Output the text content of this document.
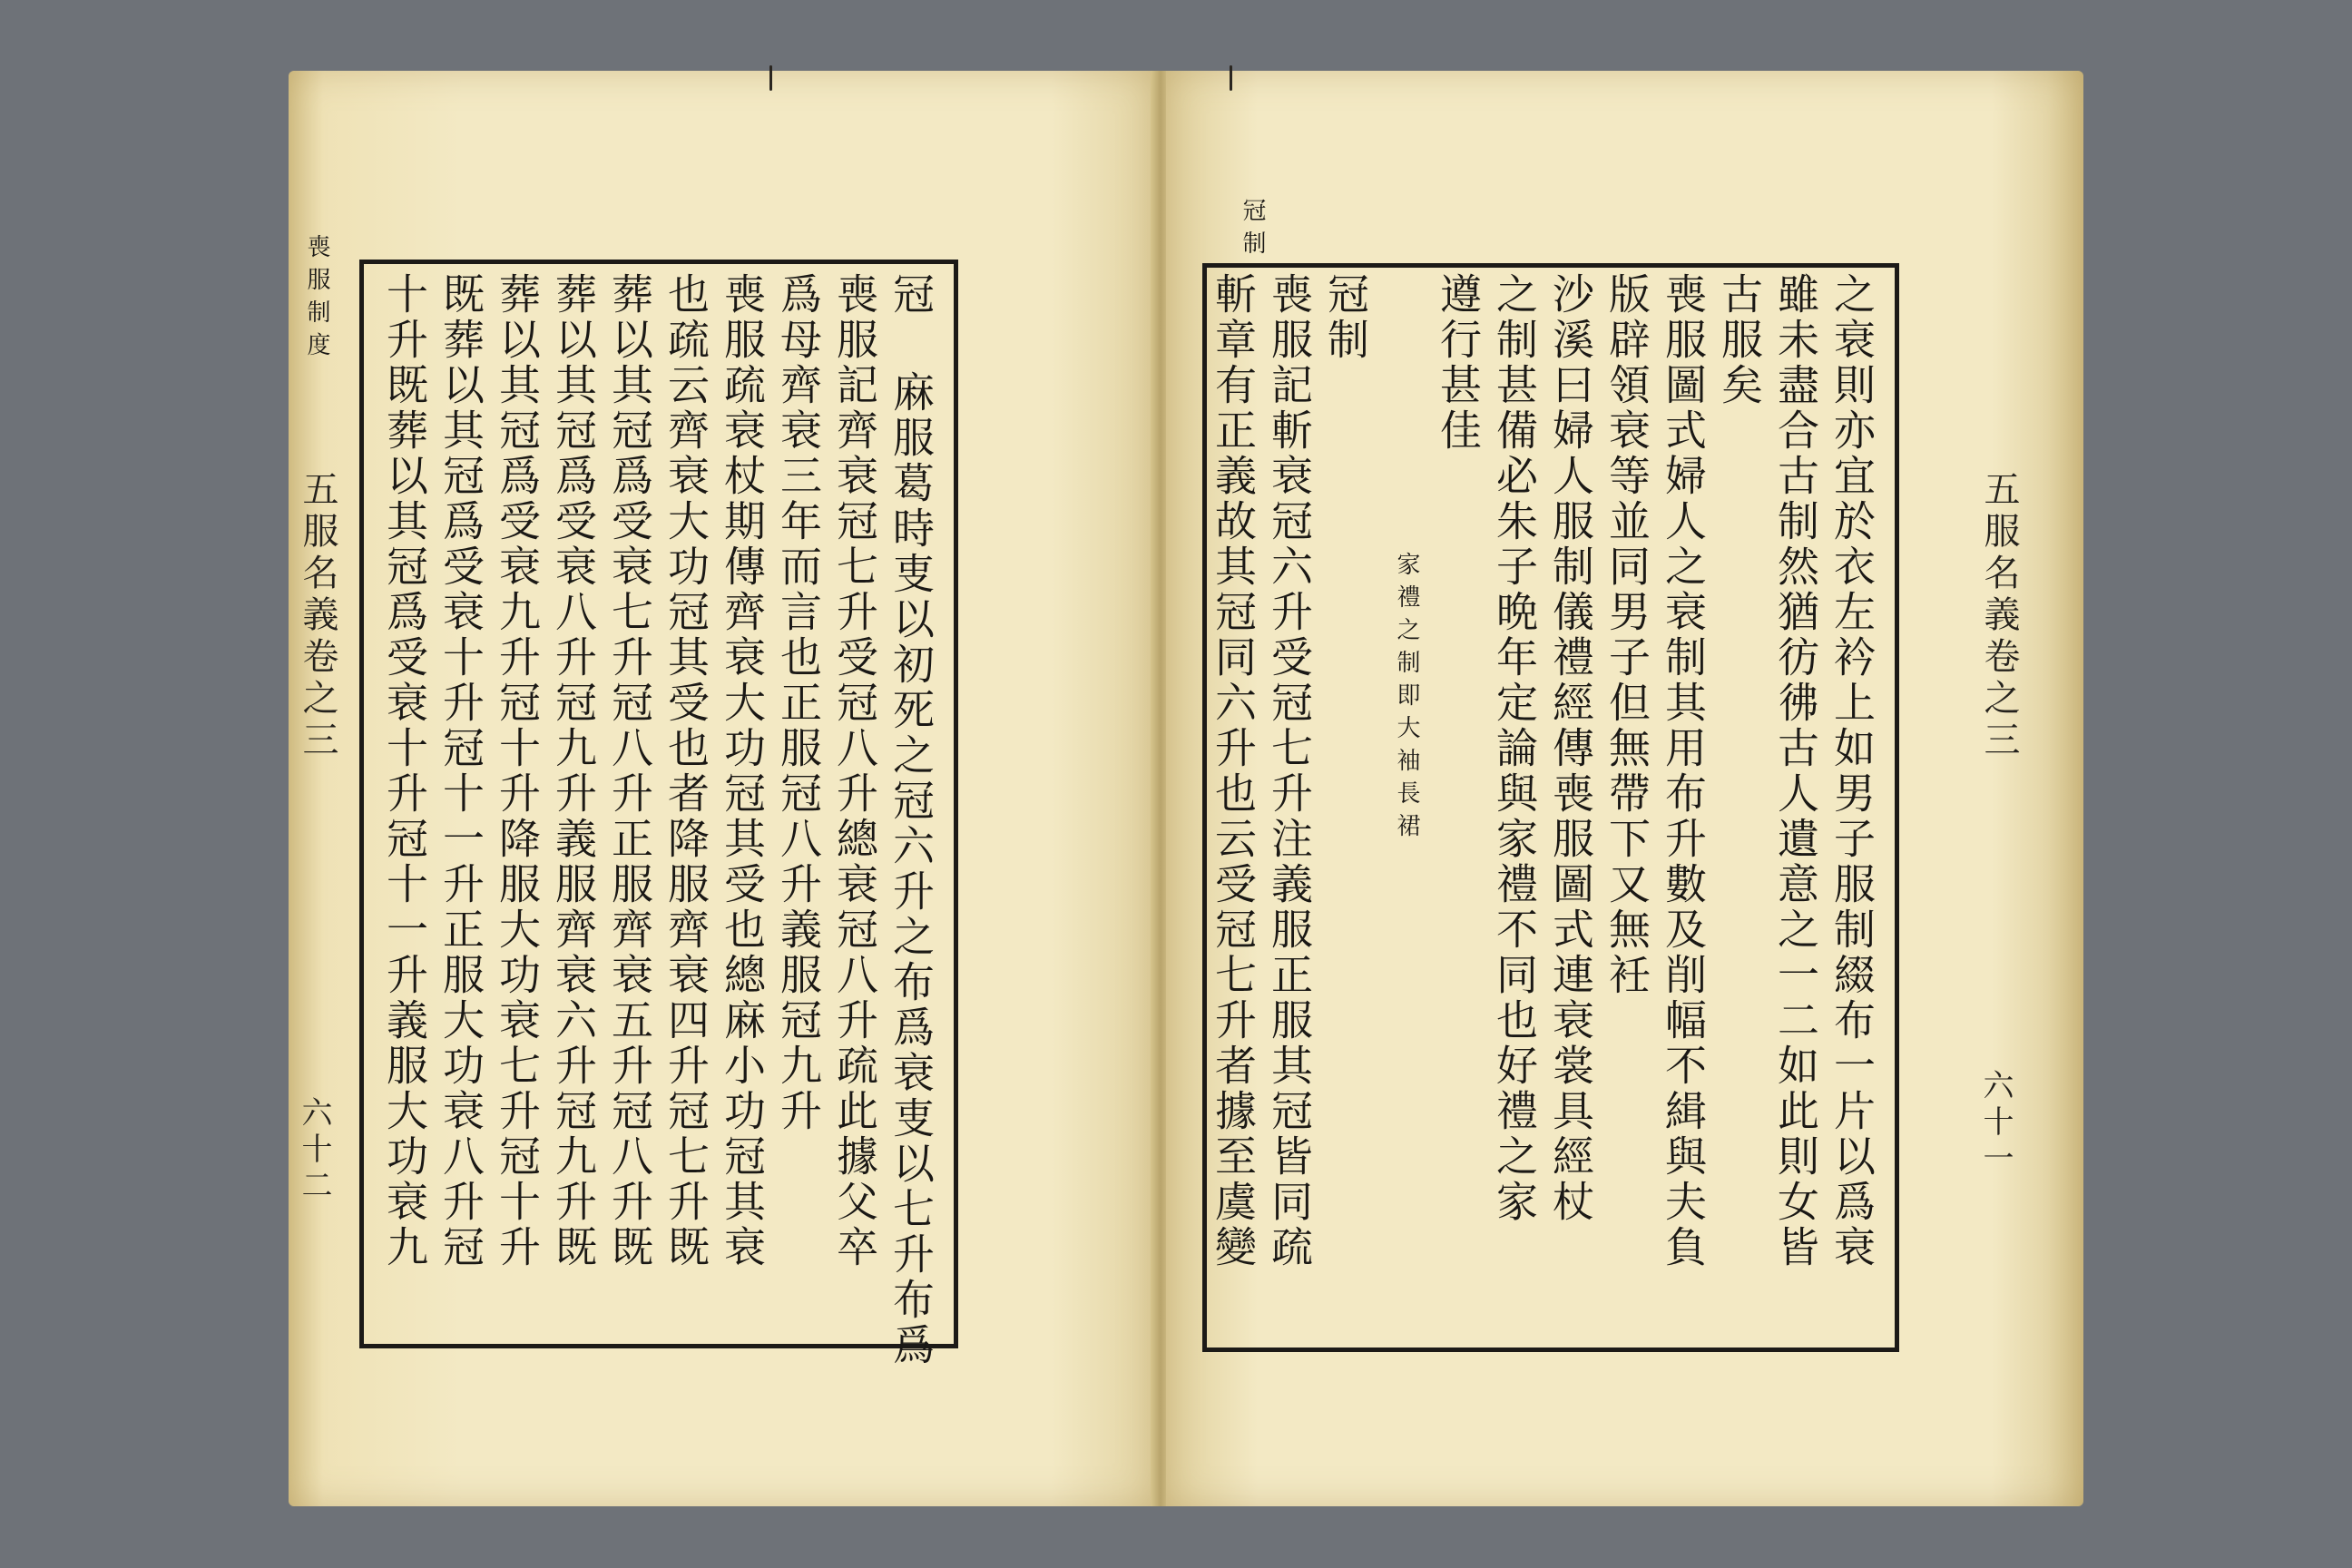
喪服制度
五服名義卷之三
六十二	冠 麻服葛時叓以初死之冠六升之布爲衰叓以七升布爲
喪服記齊衰冠七升受冠八升總衰冠八升疏此據父卒
爲母齊衰三年而言也正服冠八升義服冠九升
喪服疏衰杖期傳齊衰大功冠其受也總麻小功冠其衰
也疏云齊衰大功冠其受也者降服齊衰四升冠七升既
葬以其冠爲受衰七升冠八升正服齊衰五升冠八升既
葬以其冠爲受衰八升冠九升義服齊衰六升冠九升既
葬以其冠爲受衰九升冠十升降服大功衰七升冠十升
既葬以其冠爲受衰十升冠十一升正服大功衰八升冠
十升既葬以其冠爲受衰十升冠十一升義服大功衰九
冠制
五服名義卷之三
六十一
之衰則亦宜於衣左衿上如男子服制綴布一片以爲衰
雖未盡合古制然猶彷彿古人遺意之一二如此則女皆
古服矣
喪服圖式婦人之衰制其用布升數及削幅不緝與夫負
版辟領衰等並同男子但無帶下又無衽
沙溪曰婦人服制儀禮經傳喪服圖式連衰裳具經杖
之制甚備必朱子晩年定論與家禮不同也好禮之家
遵行甚佳
家禮之制即大袖長裙
冠制
喪服記斬衰冠六升受冠七升注義服正服其冠皆同疏
斬章有正義故其冠同六升也云受冠七升者據至虞變
